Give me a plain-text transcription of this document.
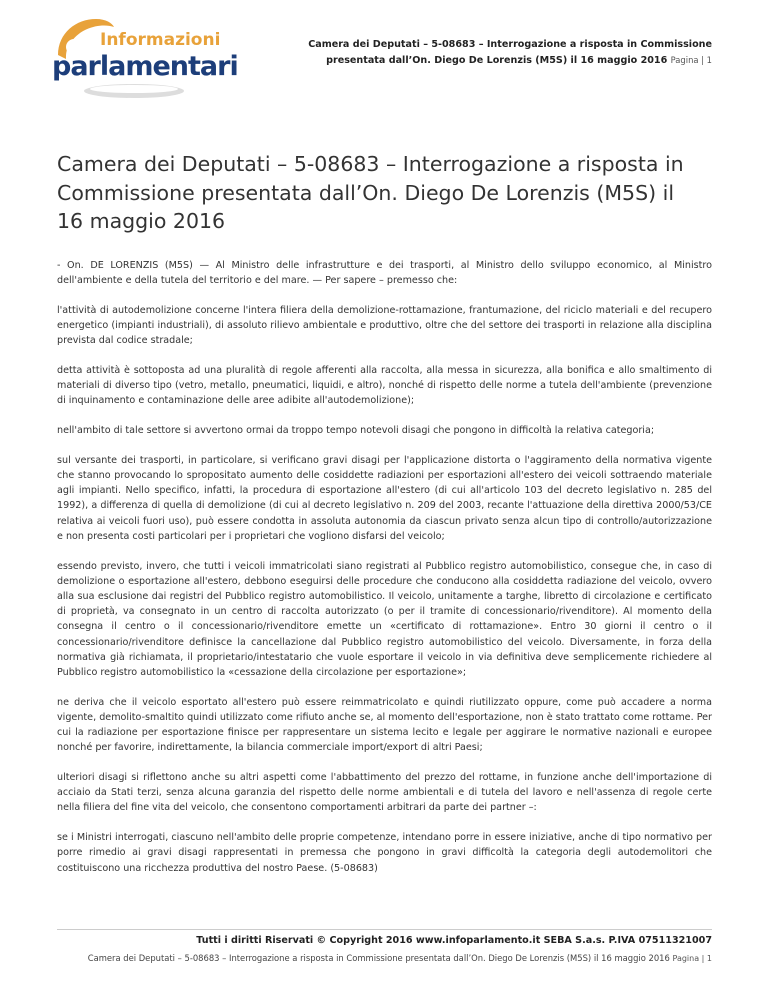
Informazioni
parlamentari
Camera dei Deputati – 5-08683 – Interrogazione a risposta in Commissione presentata dall’On. Diego De Lorenzis (M5S) il 16 maggio 2016 Pagina | 1
Camera dei Deputati – 5-08683 – Interrogazione a risposta in Commissione presentata dall’On. Diego De Lorenzis (M5S) il 16 maggio 2016

- On. DE LORENZIS (M5S) — Al Ministro delle infrastrutture e dei trasporti, al Ministro dello sviluppo economico, al Ministro dell'ambiente e della tutela del territorio e del mare. — Per sapere – premesso che:

l'attività di autodemolizione concerne l'intera filiera della demolizione-rottamazione, frantumazione, del riciclo materiali e del recupero energetico (impianti industriali), di assoluto rilievo ambientale e produttivo, oltre che del settore dei trasporti in relazione alla disciplina prevista dal codice stradale;

detta attività è sottoposta ad una pluralità di regole afferenti alla raccolta, alla messa in sicurezza, alla bonifica e allo smaltimento di materiali di diverso tipo (vetro, metallo, pneumatici, liquidi, e altro), nonché di rispetto delle norme a tutela dell'ambiente (prevenzione di inquinamento e contaminazione delle aree adibite all'autodemolizione);

nell'ambito di tale settore si avvertono ormai da troppo tempo notevoli disagi che pongono in difficoltà la relativa categoria;

sul versante dei trasporti, in particolare, si verificano gravi disagi per l'applicazione distorta o l'aggiramento della normativa vigente che stanno provocando lo spropositato aumento delle cosiddette radiazioni per esportazioni all'estero dei veicoli sottraendo materiale agli impianti. Nello specifico, infatti, la procedura di esportazione all'estero (di cui all'articolo 103 del decreto legislativo n. 285 del 1992), a differenza di quella di demolizione (di cui al decreto legislativo n. 209 del 2003, recante l'attuazione della direttiva 2000/53/CE relativa ai veicoli fuori uso), può essere condotta in assoluta autonomia da ciascun privato senza alcun tipo di controllo/autorizzazione e non presenta costi particolari per i proprietari che vogliono disfarsi del veicolo;

essendo previsto, invero, che tutti i veicoli immatricolati siano registrati al Pubblico registro automobilistico, consegue che, in caso di demolizione o esportazione all'estero, debbono eseguirsi delle procedure che conducono alla cosiddetta radiazione del veicolo, ovvero alla sua esclusione dai registri del Pubblico registro automobilistico. Il veicolo, unitamente a targhe, libretto di circolazione e certificato di proprietà, va consegnato in un centro di raccolta autorizzato (o per il tramite di concessionario/rivenditore). Al momento della consegna il centro o il concessionario/rivenditore emette un «certificato di rottamazione». Entro 30 giorni il centro o il concessionario/rivenditore definisce la cancellazione dal Pubblico registro automobilistico del veicolo. Diversamente, in forza della normativa già richiamata, il proprietario/intestatario che vuole esportare il veicolo in via definitiva deve semplicemente richiedere al Pubblico registro automobilistico la «cessazione della circolazione per esportazione»;

ne deriva che il veicolo esportato all'estero può essere reimmatricolato e quindi riutilizzato oppure, come può accadere a norma vigente, demolito-smaltito quindi utilizzato come rifiuto anche se, al momento dell'esportazione, non è stato trattato come rottame. Per cui la radiazione per esportazione finisce per rappresentare un sistema lecito e legale per aggirare le normative nazionali e europee nonché per favorire, indirettamente, la bilancia commerciale import/export di altri Paesi;

ulteriori disagi si riflettono anche su altri aspetti come l'abbattimento del prezzo del rottame, in funzione anche dell'importazione di acciaio da Stati terzi, senza alcuna garanzia del rispetto delle norme ambientali e di tutela del lavoro e nell'assenza di regole certe nella filiera del fine vita del veicolo, che consentono comportamenti arbitrari da parte dei partner –:

se i Ministri interrogati, ciascuno nell'ambito delle proprie competenze, intendano porre in essere iniziative, anche di tipo normativo per porre rimedio ai gravi disagi rappresentati in premessa che pongono in gravi difficoltà la categoria degli autodemolitori che costituiscono una ricchezza produttiva del nostro Paese. (5-08683)

Tutti i diritti Riservati © Copyright 2016 www.infoparlamento.it SEBA S.a.s. P.IVA 07511321007
Camera dei Deputati – 5-08683 – Interrogazione a risposta in Commissione presentata dall’On. Diego De Lorenzis (M5S) il 16 maggio 2016 Pagina | 1
